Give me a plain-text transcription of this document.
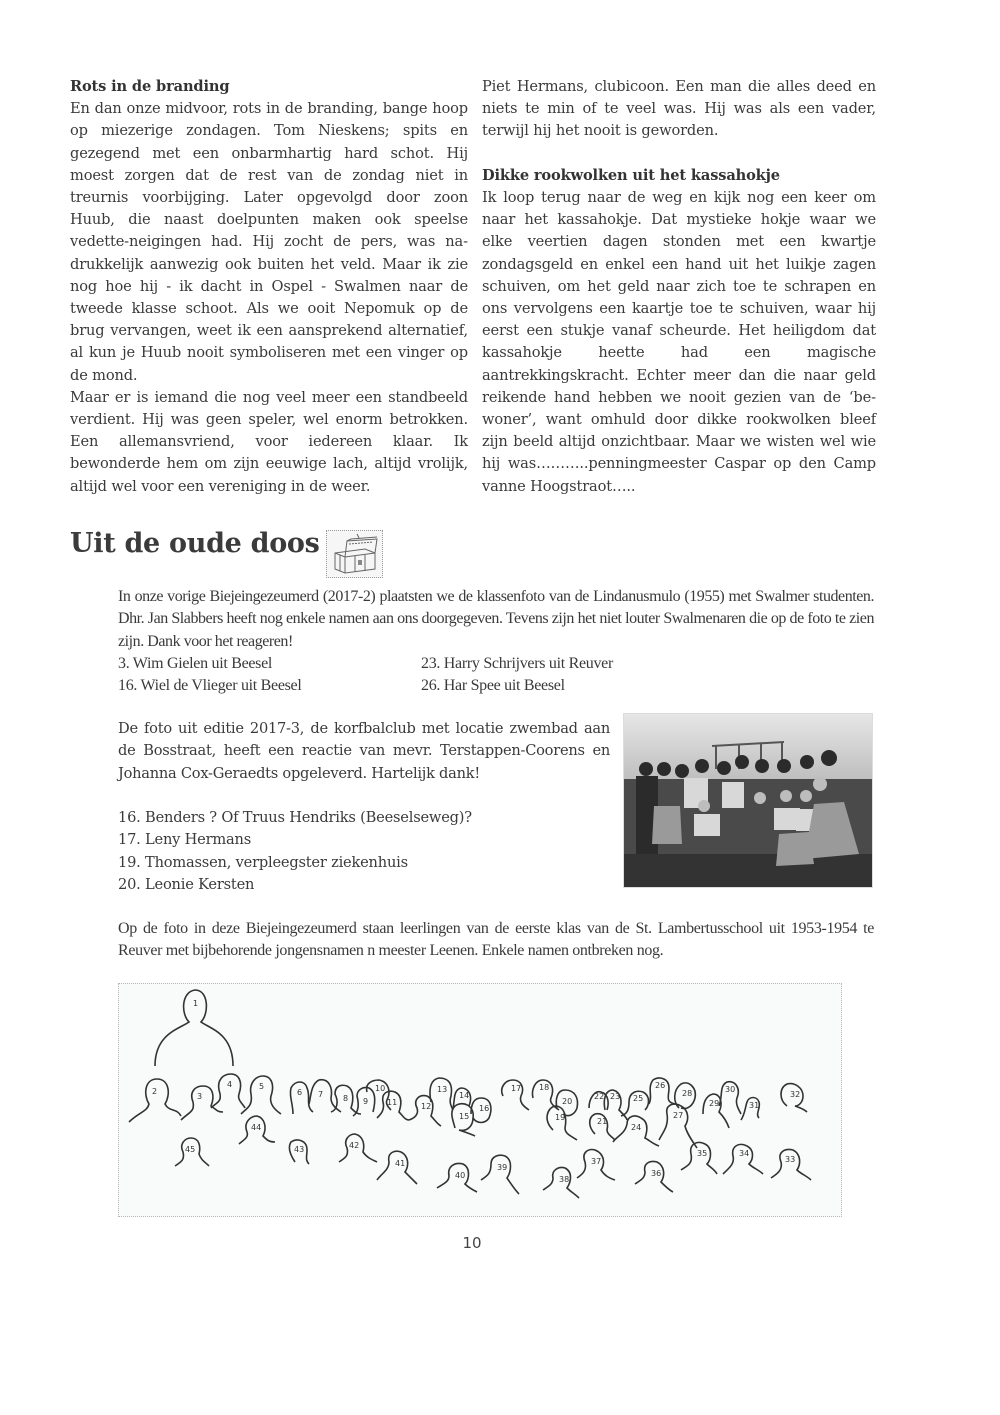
Rots in de branding

En dan onze midvoor, rots in de branding, bange hoop op miezerige zondagen. Tom Nieskens; spits en gezegend met een onbarmhartig hard schot. Hij moest zorgen dat de rest van de zondag niet in treurnis voorbijging. Later opgevolgd door zoon Huub, die naast doelpunten maken ook speelse vedette-neigingen had. Hij zocht de pers, was nadrukkelijk aanwezig ook buiten het veld. Maar ik zie nog hoe hij - ik dacht in Ospel - Swalmen naar de tweede klasse schoot. Als we ooit Nepomuk op de brug vervangen, weet ik een aansprekend alternatief, al kun je Huub nooit symboliseren met een vinger op de mond.

Maar er is iemand die nog veel meer een standbeeld verdient. Hij was geen speler, wel enorm betrokken. Een allemansvriend, voor iedereen klaar. Ik bewonderde hem om zijn eeuwige lach, altijd vrolijk, altijd wel voor een vereniging in de weer.

Piet Hermans, clubicoon. Een man die alles deed en niets te min of te veel was. Hij was als een vader, terwijl hij het nooit is geworden.

Dikke rookwolken uit het kassahokje

Ik loop terug naar de weg en kijk nog een keer om naar het kassahokje. Dat mystieke hokje waar we elke veertien dagen stonden met een kwartje zondagsgeld en enkel een hand uit het luikje zagen schuiven, om het geld naar zich toe te schrapen en ons vervolgens een kaartje toe te schuiven, waar hij eerst een stukje vanaf scheurde. Het heiligdom dat kassahokje heette had een magische aantrekkingskracht. Echter meer dan die naar geld reikende hand hebben we nooit gezien van de ‘bewoner’, want omhuld door dikke rookwolken bleef zijn beeld altijd onzichtbaar. Maar we wisten wel wie hij was………..penningmeester Caspar op den Camp vanne Hoogstraot…..

Uit de oude doos
In onze vorige Biejeingezeumerd (2017-2) plaatsten we de klassenfoto van de Lindanusmulo (1955) met Swalmer studenten. Dhr. Jan Slabbers heeft nog enkele namen aan ons doorgegeven. Tevens zijn het niet louter Swalmenaren die op de foto te zien zijn. Dank voor het reageren!
3. Wim Gielen uit Beesel	23. Harry Schrijvers uit Reuver
16. Wiel de Vlieger uit Beesel	26. Har Spee uit Beesel
De foto uit editie 2017-3, de korfbalclub met locatie zwembad aan de Bosstraat, heeft een reactie van mevr. Terstappen-Coorens en Johanna Cox-Geraedts opgeleverd. Hartelijk dank!
16. Benders ? Of Truus Hendriks (Beeselseweg)?
17. Leny Hermans
19. Thomassen, verpleegster ziekenhuis
20. Leonie Kersten
Op de foto in deze Biejeingezeumerd staan leerlingen van de eerste klas van de St. Lambertusschool uit 1953-1954 te Reuver met bijbehorende jongensnamen n meester Leenen. Enkele namen ontbreken nog.
1
2
3
4	5
6 7 8 9
10
11	12
13
14
15
16
17 18
20
22 23 25
26
28
29
30
31
32
19	21
24
27
44
45	43	42
41
40
39
38
37
36
35	34
33
10
